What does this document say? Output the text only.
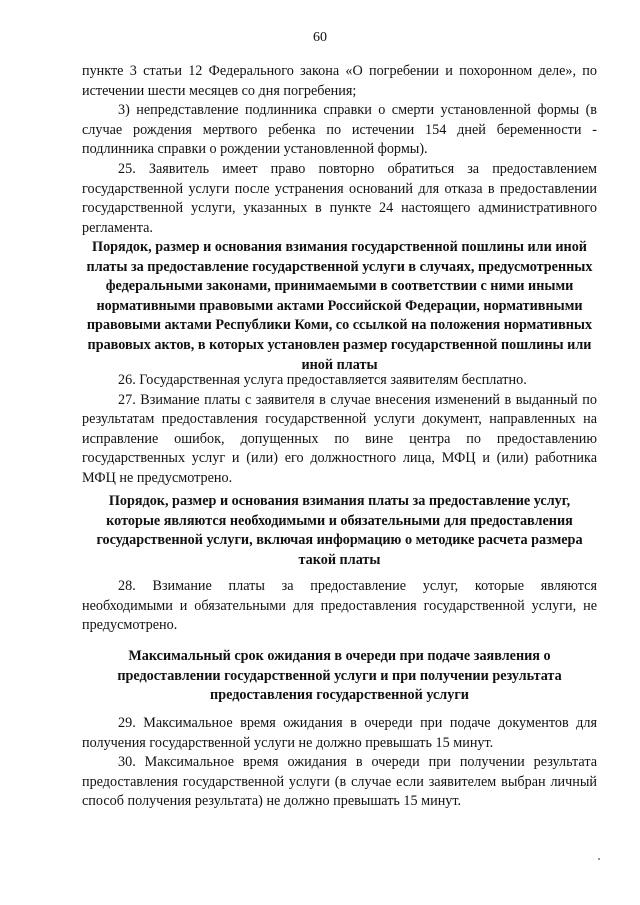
60

пункте 3 статьи 12 Федерального закона «О погребении и похоронном деле», по истечении шести месяцев со дня погребения;

3) непредставление подлинника справки о смерти установленной формы (в случае рождения мертвого ребенка по истечении 154 дней беременности - подлинника справки о рождении установленной формы).

25. Заявитель имеет право повторно обратиться за предоставлением государственной услуги после устранения оснований для отказа в предоставлении государственной услуги, указанных в пункте 24 настоящего административного регламента.

Порядок, размер и основания взимания государственной пошлины или иной платы за предоставление государственной услуги в случаях, предусмотренных федеральными законами, принимаемыми в соответствии с ними иными нормативными правовыми актами Российской Федерации, нормативными правовыми актами Республики Коми, со ссылкой на положения нормативных правовых актов, в которых установлен размер государственной пошлины или иной платы

26. Государственная услуга предоставляется заявителям бесплатно.

27. Взимание платы с заявителя в случае внесения изменений в выданный по результатам предоставления государственной услуги документ, направленных на исправление ошибок, допущенных по вине центра по предоставлению государственных услуг и (или) его должностного лица, МФЦ и (или) работника МФЦ не предусмотрено.

Порядок, размер и основания взимания платы за предоставление услуг, которые являются необходимыми и обязательными для предоставления государственной услуги, включая информацию о методике расчета размера такой платы

28. Взимание платы за предоставление услуг, которые являются необходимыми и обязательными для предоставления государственной услуги, не предусмотрено.

Максимальный срок ожидания в очереди при подаче заявления о предоставлении государственной услуги и при получении результата предоставления государственной услуги

29. Максимальное время ожидания в очереди при подаче документов для получения государственной услуги не должно превышать 15 минут.

30. Максимальное время ожидания в очереди при получении результата предоставления государственной услуги (в случае если заявителем выбран личный способ получения результата) не должно превышать 15 минут.
